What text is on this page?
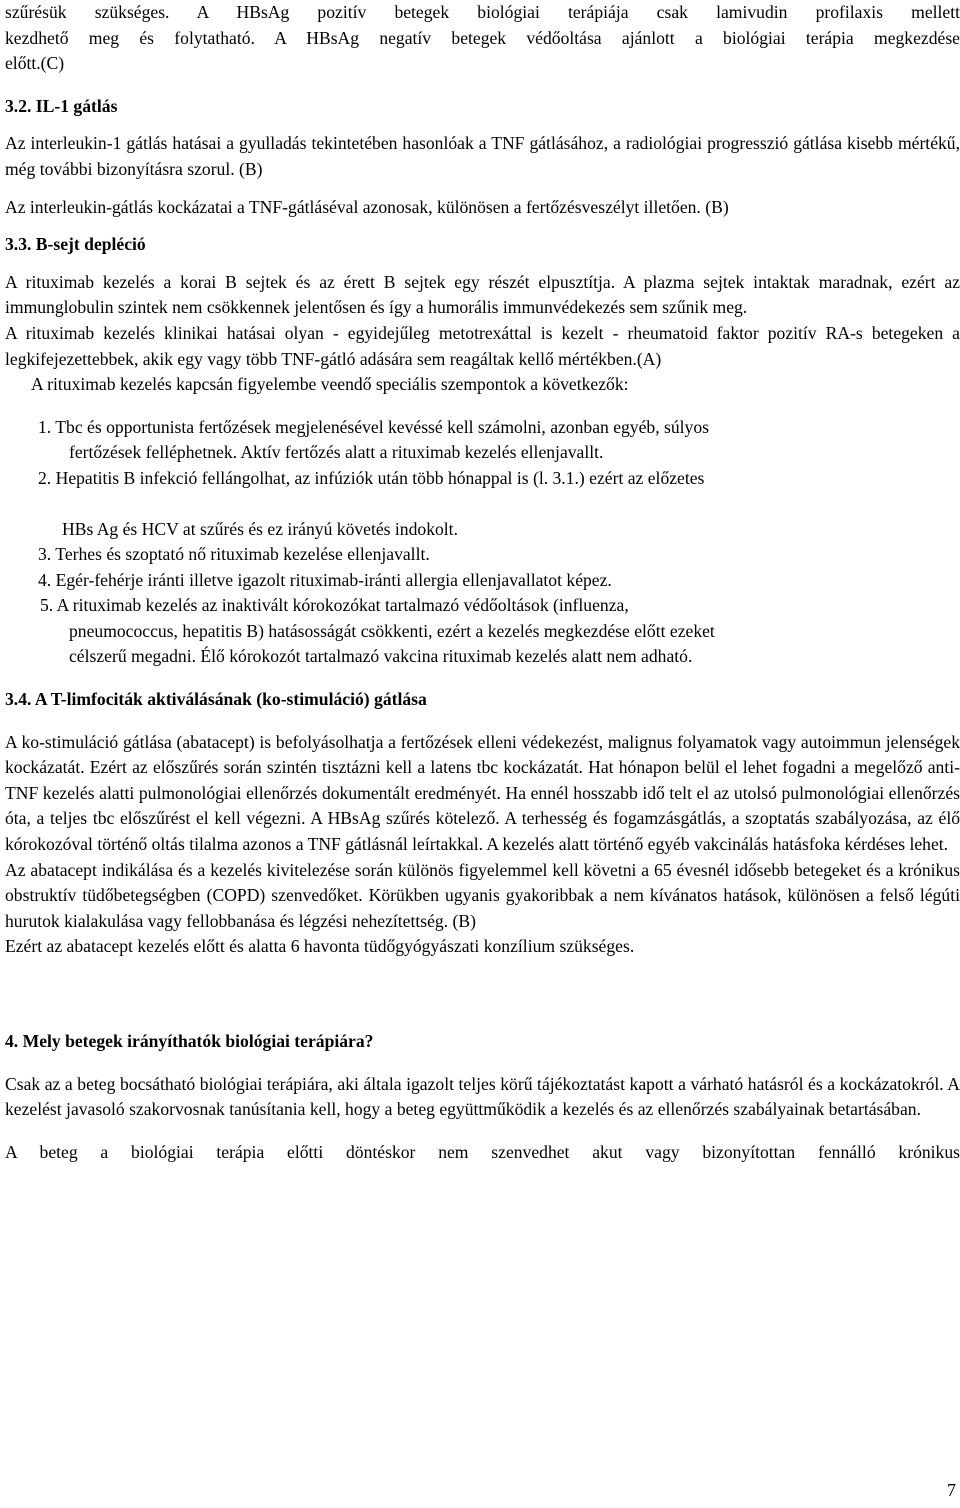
szűrésük szükséges. A HBsAg pozitív betegek biológiai terápiája csak lamivudin profilaxis mellett

kezdhető meg és folytatható. A HBsAg negatív betegek védőoltása ajánlott a biológiai terápia megkezdése

előtt.(C)

3.2. IL-1 gátlás

Az interleukin-1 gátlás hatásai a gyulladás tekintetében hasonlóak a TNF gátlásához, a radiológiai progresszió gátlása kisebb mértékű, még további bizonyításra szorul. (B)

Az interleukin-gátlás kockázatai a TNF-gátláséval azonosak, különösen a fertőzésveszélyt illetően. (B)

3.3. B-sejt depléció

A rituximab kezelés a korai B sejtek és az érett B sejtek egy részét elpusztítja. A plazma sejtek intaktak maradnak, ezért az immunglobulin szintek nem csökkennek jelentősen és így a humorális immunvédekezés sem szűnik meg.

A rituximab kezelés klinikai hatásai olyan - egyidejűleg metotrexáttal is kezelt - rheumatoid faktor pozitív RA-s betegeken a legkifejezettebbek, akik egy vagy több TNF-gátló adására sem reagáltak kellő mértékben.(A)

A rituximab kezelés kapcsán figyelembe veendő speciális szempontok a következők:

1. Tbc és opportunista fertőzések megjelenésével kevéssé kell számolni, azonban egyéb, súlyos
fertőzések felléphetnek. Aktív fertőzés alatt a rituximab kezelés ellenjavallt.
2. Hepatitis B infekció fellángolhat, az infúziók után több hónappal is (l. 3.1.) ezért az előzetes
HBs Ag és HCV at szűrés és ez irányú követés indokolt.
3. Terhes és szoptató nő rituximab kezelése ellenjavallt.
4. Egér-fehérje iránti illetve igazolt rituximab-iránti allergia ellenjavallatot képez.
5. A rituximab kezelés az inaktivált kórokozókat tartalmazó védőoltások (influenza,
pneumococcus, hepatitis B) hatásosságát csökkenti, ezért a kezelés megkezdése előtt ezeket
célszerű megadni. Élő kórokozót tartalmazó vakcina rituximab kezelés alatt nem adható.

3.4. A T-limfociták aktiválásának (ko-stimuláció) gátlása

A ko-stimuláció gátlása (abatacept) is befolyásolhatja a fertőzések elleni védekezést, malignus folyamatok vagy autoimmun jelenségek kockázatát. Ezért az előszűrés során szintén tisztázni kell a latens tbc kockázatát. Hat hónapon belül el lehet fogadni a megelőző anti-TNF kezelés alatti pulmonológiai ellenőrzés dokumentált eredményét. Ha ennél hosszabb idő telt el az utolsó pulmonológiai ellenőrzés óta, a teljes tbc előszűrést el kell végezni. A HBsAg szűrés kötelező. A terhesség és fogamzásgátlás, a szoptatás szabályozása, az élő kórokozóval történő oltás tilalma azonos a TNF gátlásnál leírtakkal. A kezelés alatt történő egyéb vakcinálás hatásfoka kérdéses lehet.

Az abatacept indikálása és a kezelés kivitelezése során különös figyelemmel kell követni a 65 évesnél idősebb betegeket és a krónikus obstruktív tüdőbetegségben (COPD) szenvedőket. Körükben ugyanis gyakoribbak a nem kívánatos hatások, különösen a felső légúti hurutok kialakulása vagy fellobbanása és légzési nehezítettség. (B)

Ezért az abatacept kezelés előtt és alatta 6 havonta tüdőgyógyászati konzílium szükséges.

4. Mely betegek irányíthatók biológiai terápiára?

Csak az a beteg bocsátható biológiai terápiára, aki általa igazolt teljes körű tájékoztatást kapott a várható hatásról és a kockázatokról. A kezelést javasoló szakorvosnak tanúsítania kell, hogy a beteg együttműködik a kezelés és az ellenőrzés szabályainak betartásában.

A beteg a biológiai terápia előtti döntéskor nem szenvedhet akut vagy bizonyítottan fennálló krónikus

7
